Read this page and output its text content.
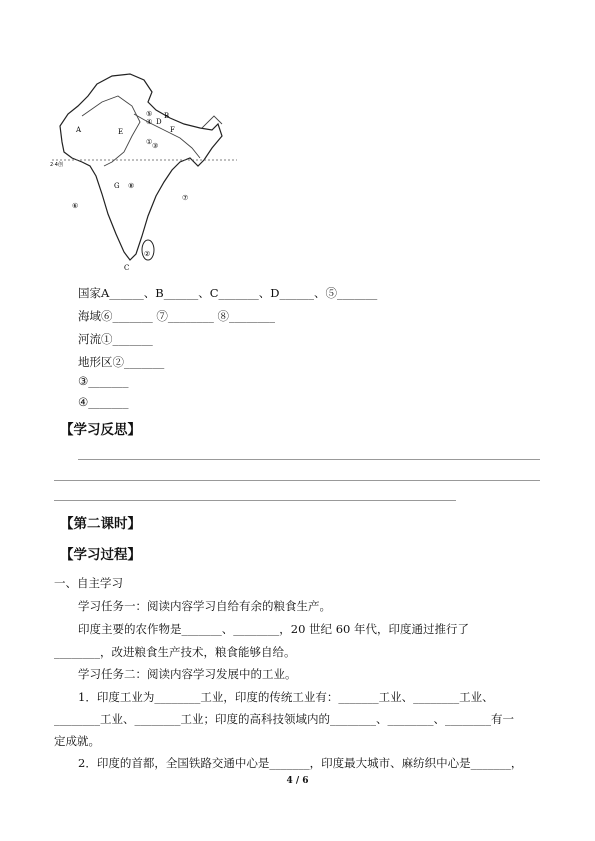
A
B
D
E	F
G
C
①
②
③
④
⑤
⑥
⑦
⑧
2·4创
国家A______、B______、C_______、D______、⑤_______
海域⑥_______ ⑦________ ⑧________
河流①_______
地形区②_______
③_______
④_______
【学习反思】
【第二课时】
【学习过程】
一、自主学习
学习任务一：阅读内容学习自给有余的粮食生产。
印度主要的农作物是_______、________，20 世纪 60 年代，印度通过推行了
________，改进粮食生产技术，粮食能够自给。
学习任务二：阅读内容学习发展中的工业。
1．印度工业为________工业，印度的传统工业有：_______工业、________工业、
________工业、________工业；印度的高科技领域内的________、________、________有一
定成就。
2．印度的首都，全国铁路交通中心是_______，印度最大城市、麻纺织中心是_______，
4 / 6
